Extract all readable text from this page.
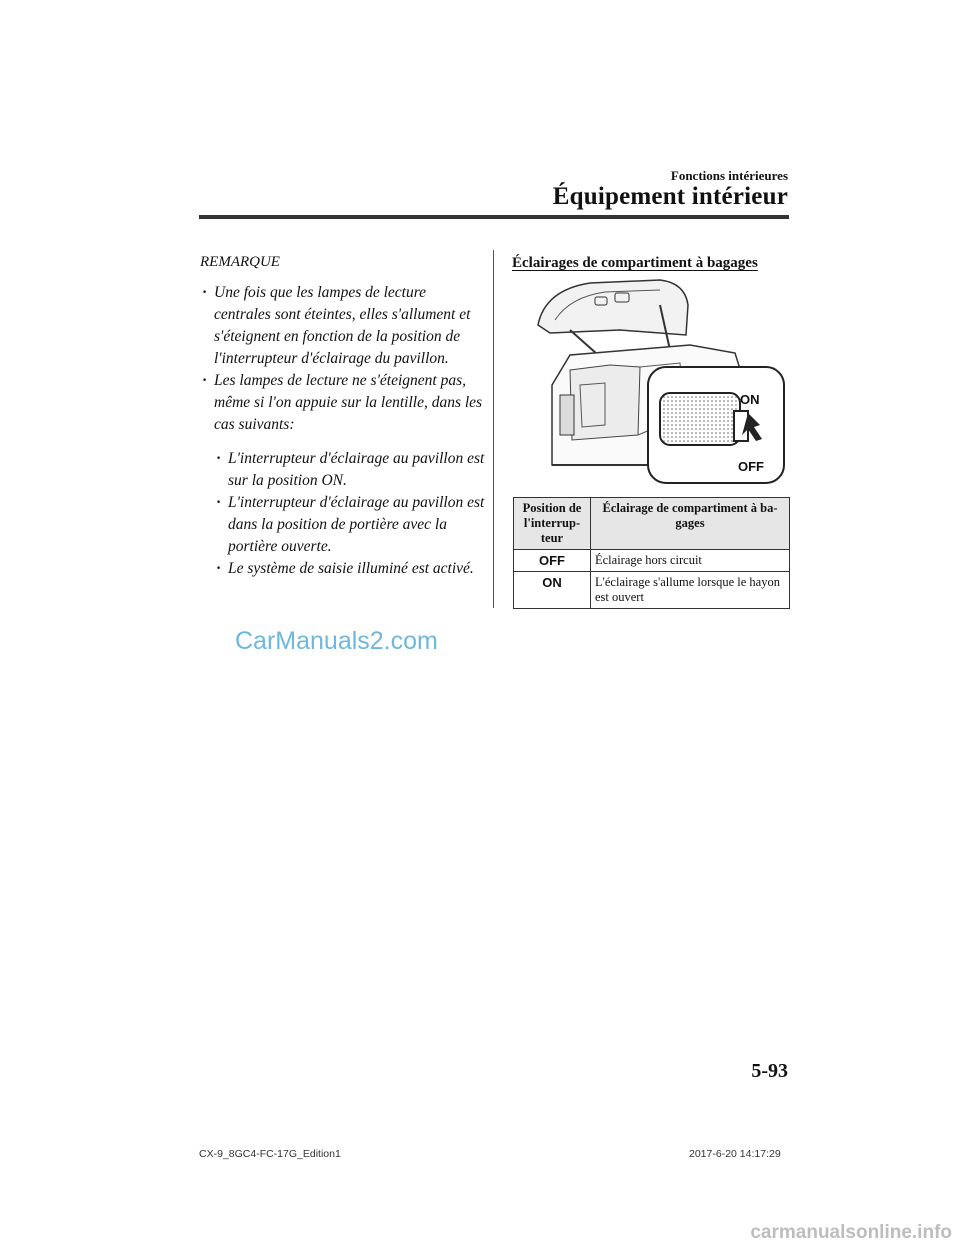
Fonctions intérieures
Équipement intérieur
REMARQUE
· Une fois que les lampes de lecture centrales sont éteintes, elles s'allument et s'éteignent en fonction de la position de l'interrupteur d'éclairage du pavillon.
· Les lampes de lecture ne s'éteignent pas, même si l'on appuie sur la lentille, dans les cas suivants:
· L'interrupteur d'éclairage au pavillon est sur la position ON.
· L'interrupteur d'éclairage au pavillon est dans la position de portière avec la portière ouverte.
· Le système de saisie illuminé est activé.
Éclairages de compartiment à bagages
ON
OFF
Position de l'interrup-teur	Éclairage de compartiment à ba-gages
OFF	Éclairage hors circuit
ON	L'éclairage s'allume lorsque le hayon est ouvert
CarManuals2.com
5-93
CX-9_8GC4-FC-17G_Edition1	2017-6-20 14:17:29
carmanualsonline.info
